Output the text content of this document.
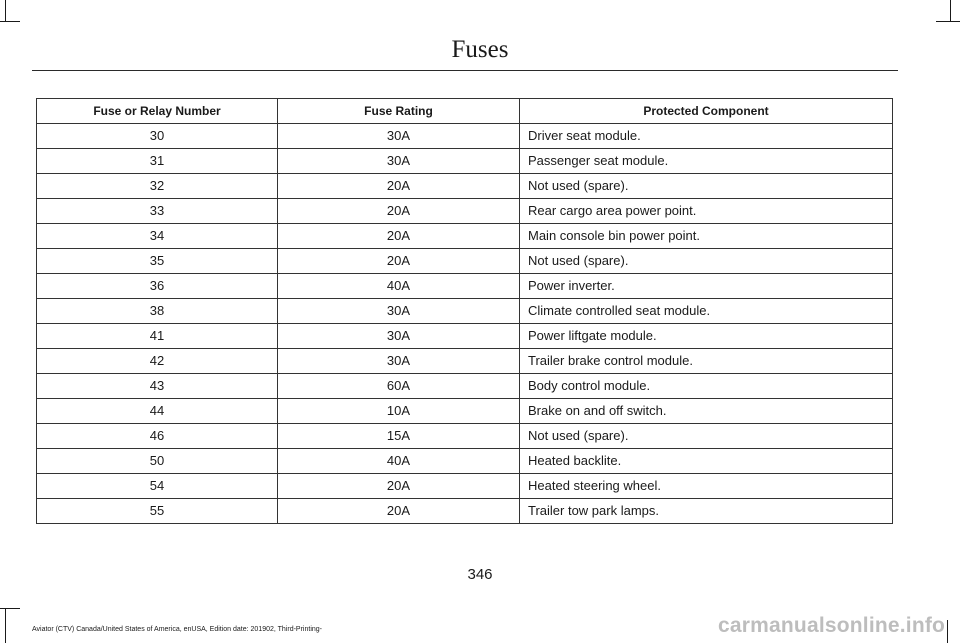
Fuses
Fuse or Relay Number	Fuse Rating	Protected Component
30	30A	Driver seat module.
31	30A	Passenger seat module.
32	20A	Not used (spare).
33	20A	Rear cargo area power point.
34	20A	Main console bin power point.
35	20A	Not used (spare).
36	40A	Power inverter.
38	30A	Climate controlled seat module.
41	30A	Power liftgate module.
42	30A	Trailer brake control module.
43	60A	Body control module.
44	10A	Brake on and off switch.
46	15A	Not used (spare).
50	40A	Heated backlite.
54	20A	Heated steering wheel.
55	20A	Trailer tow park lamps.
346
Aviator (CTV) Canada/United States of America, enUSA, Edition date: 201902, Third-Printing-	carmanualsonline.info
